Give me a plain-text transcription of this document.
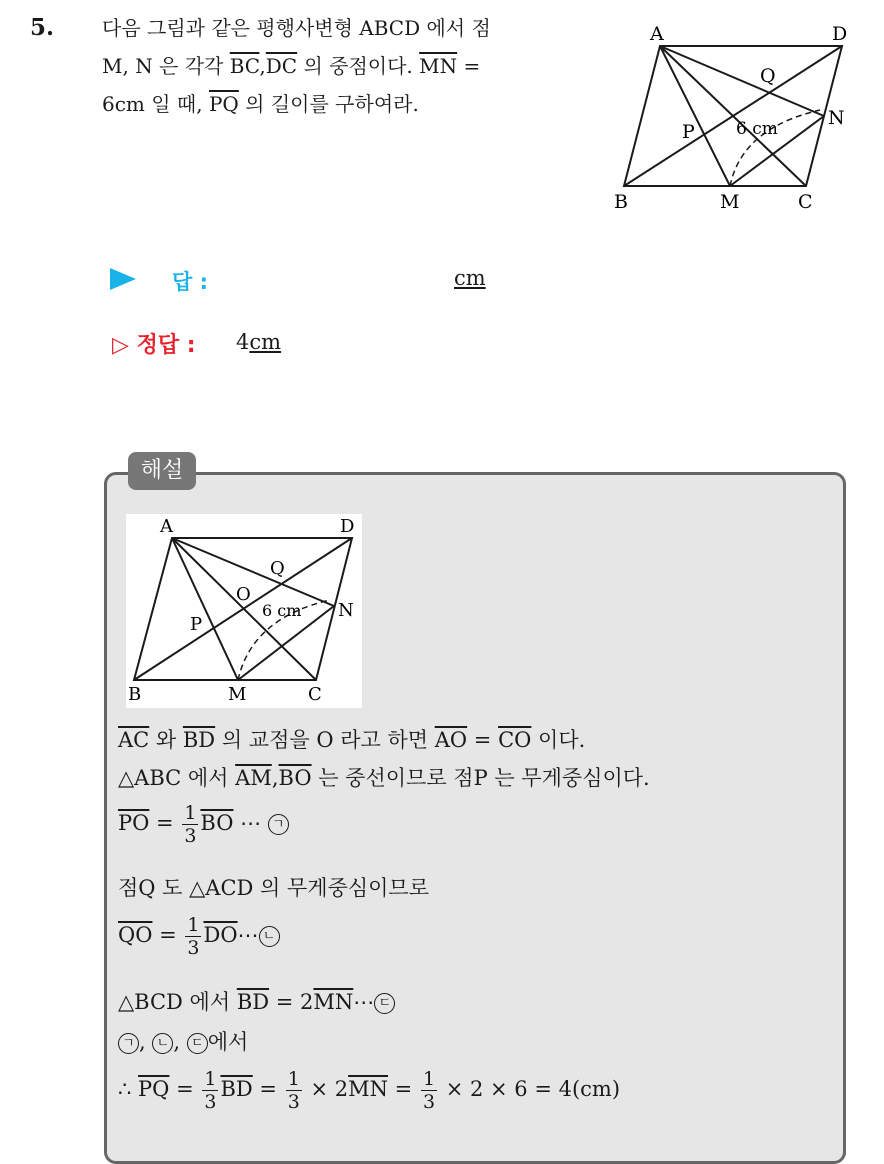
5. 다음 그림과 같은 평행사변형 ABCD 에서 점
M, N 은 각각 $\overline{BC},\overline{DC}$ 의 중점이다. $\overline{MN}$ =
6cm 일 때, $\overline{PQ}$ 의 길이를 구하여라.
A	D
B	M	C
N
P
Q
6 cm
답 :	cm
▷ 정답 : 4cm
해설
A	D
B	M	C
N
P
Q
O
6 cm
$\overline{AC}$ 와 $\overline{BD}$ 의 교점을 O 라고 하면 $\overline{AO} = \overline{CO}$ 이다.
△ABC 에서 $\overline{AM},\overline{BO}$ 는 중선이므로 점P 는 무게중심이다.
$\overline{PO} = \frac{1}{3} \overline{BO}$ ⋯ ㄱ
점Q 도 △ACD 의 무게중심이므로
$\overline{QO} = \frac{1}{3}$ $\overline{DO}\cdots$ ㄴ
△BCD 에서 $\overline{BD}$ = $2\overline{MN}\cdots$ ㄷ
ㄱ , ㄴ , ㄷ 에서
∴ $\overline{PQ} = \frac{1}{3} \overline{BD} = \frac{1}{3} \times 2\overline{MN} = \frac{1}{3} \times 2 \times 6 = 4(cm)$
